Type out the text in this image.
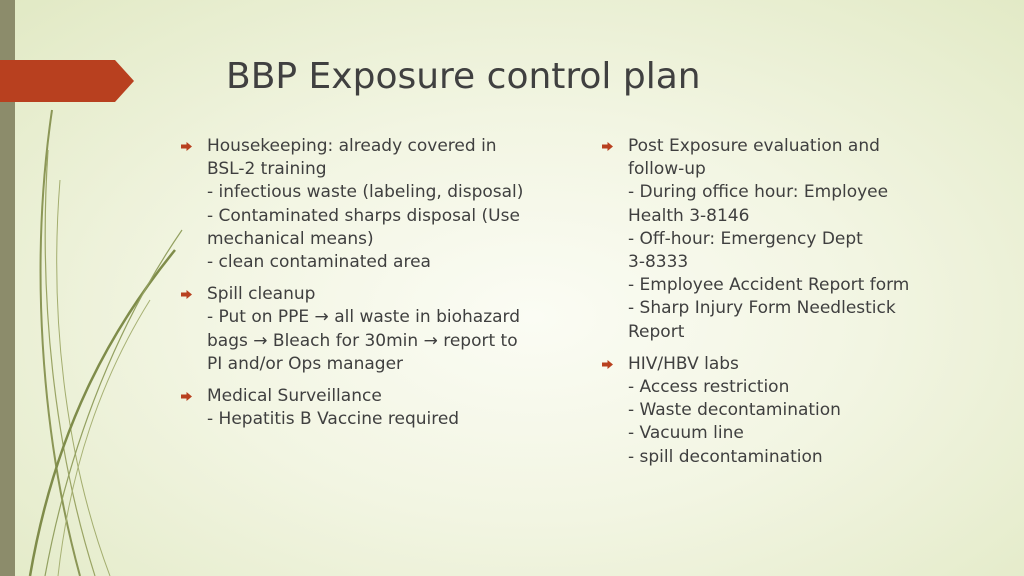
BBP Exposure control plan
Housekeeping: already covered in
BSL-2 training
- infectious waste (labeling, disposal)
- Contaminated sharps disposal (Use
mechanical means)
- clean contaminated area
Spill cleanup
- Put on PPE → all waste in biohazard
bags → Bleach for 30min → report to
PI and/or Ops manager
Medical Surveillance
- Hepatitis B Vaccine required
Post Exposure evaluation and
follow-up
- During office hour: Employee
Health 3-8146
- Off-hour: Emergency Dept
3-8333
- Employee Accident Report form
- Sharp Injury Form Needlestick
Report
HIV/HBV labs
- Access restriction
- Waste decontamination
- Vacuum line
- spill decontamination
